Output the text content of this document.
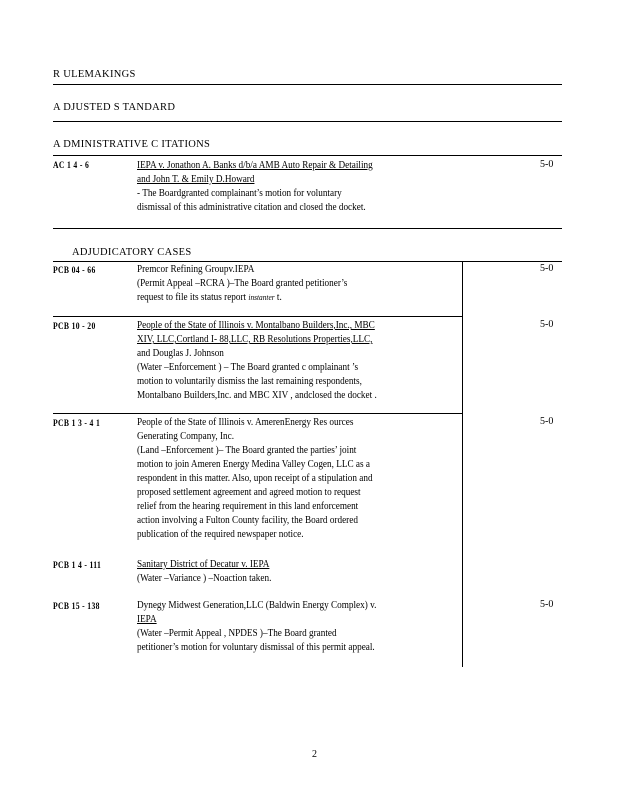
R ULEMAKINGS
A DJUSTED S TANDARD
A DMINISTRATIVE C ITATIONS
AC 1 4 - 6	IEPA v. Jonathon A. Banks d/b/a AMB Auto Repair & Detailing
and John T. & Emily D.Howard
- The Boardgranted complainant’s motion for voluntary
dismissal of this administrative citation and closed the docket.
5-0
ADJUDICATORY CASES
PCB 04 - 66	Premcor Refining Groupv.IEPA
(Permit Appeal –RCRA )–The Board granted petitioner’s
request to file its status report instanter t.
5-0
PCB 10 - 20	People of the State of Illinois v. Montalbano Builders,Inc., MBC
XIV, LLC,Cortland I- 88,LLC, RB Resolutions Properties,LLC,
and Douglas J. Johnson
(Water –Enforcement ) – The Board granted c omplainant ’s
motion to voluntarily dismiss the last remaining respondents,
Montalbano Builders,Inc. and MBC XIV , andclosed the docket .
5-0
PCB 1 3 - 4 1	People of the State of Illinois v. AmerenEnergy Res ources
Generating Company, Inc.
(Land –Enforcement )– The Board granted the parties’ joint
motion to join Ameren Energy Medina Valley Cogen, LLC as a
respondent in this matter. Also, upon receipt of a stipulation and
proposed settlement agreement and agreed motion to request
relief from the hearing requirement in this land enforcement
action involving a Fulton County facility, the Board ordered
publication of the required newspaper notice.
5-0
PCB 1 4 - 111	Sanitary District of Decatur v. IEPA
(Water –Variance ) –Noaction taken.
PCB 15 - 138	Dynegy Midwest Generation,LLC (Baldwin Energy Complex) v.
IEPA
(Water –Permit Appeal , NPDES )–The Board granted
petitioner’s motion for voluntary dismissal of this permit appeal.
5-0
2
